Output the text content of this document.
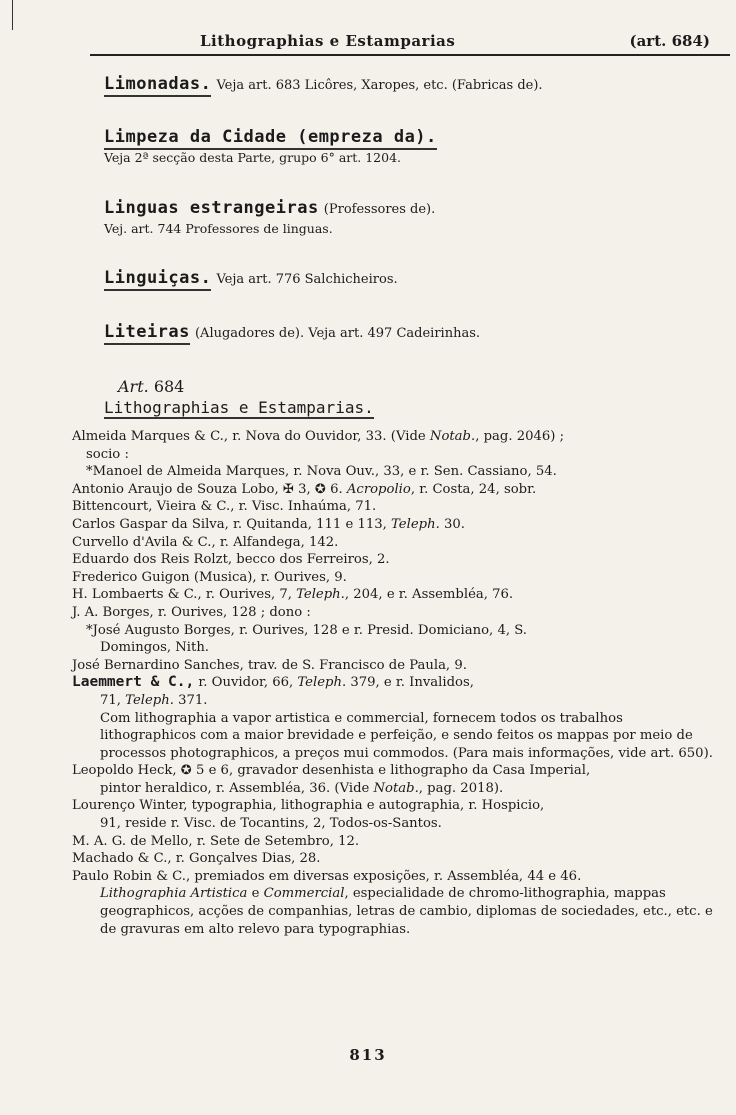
Lithographias e Estamparias	(art. 684)
Limonadas. Veja art. 683 Licôres, Xaropes, etc. (Fabricas de).
Limpeza da Cidade (empreza da).
Veja 2ª secção desta Parte, grupo 6° art. 1204.
Linguas estrangeiras (Professores de).
Vej. art. 744 Professores de linguas.
Linguiças. Veja art. 776 Salchicheiros.
Liteiras (Alugadores de). Veja art. 497 Cadeirinhas.
Art. 684
Lithographias e Estamparias.
Almeida Marques & C., r. Nova do Ouvidor, 33. (Vide Notab., pag. 2046) ;
socio :
*Manoel de Almeida Marques, r. Nova Ouv., 33, e r. Sen. Cassiano, 54.
Antonio Araujo de Souza Lobo, ✠ 3, ✪ 6. Acropolio, r. Costa, 24, sobr.
Bittencourt, Vieira & C., r. Visc. Inhaúma, 71.
Carlos Gaspar da Silva, r. Quitanda, 111 e 113, Teleph. 30.
Curvello d'Avila & C., r. Alfandega, 142.
Eduardo dos Reis Rolzt, becco dos Ferreiros, 2.
Frederico Guigon (Musica), r. Ourives, 9.
H. Lombaerts & C., r. Ourives, 7, Teleph., 204, e r. Assembléa, 76.
J. A. Borges, r. Ourives, 128 ; dono :
*José Augusto Borges, r. Ourives, 128 e r. Presid. Domiciano, 4, S.
Domingos, Nith.
José Bernardino Sanches, trav. de S. Francisco de Paula, 9.
Laemmert & C., r. Ouvidor, 66, Teleph. 379, e r. Invalidos,
71, Teleph. 371.
Com lithographia a vapor artistica e commercial, fornecem todos os trabalhos lithographicos com a maior brevidade e perfeição, e sendo feitos os mappas por meio de processos photographicos, a preços mui commodos. (Para mais informações, vide art. 650).
Leopoldo Heck, ✪ 5 e 6, gravador desenhista e lithographo da Casa Imperial,
pintor heraldico, r. Assembléa, 36. (Vide Notab., pag. 2018).
Lourenço Winter, typographia, lithographia e autographia, r. Hospicio,
91, reside r. Visc. de Tocantins, 2, Todos-os-Santos.
M. A. G. de Mello, r. Sete de Setembro, 12.
Machado & C., r. Gonçalves Dias, 28.
Paulo Robin & C., premiados em diversas exposições, r. Assembléa, 44 e 46.
Lithographia Artistica e Commercial, especialidade de chromo-lithographia, mappas geographicos, acções de companhias, letras de cambio, diplomas de sociedades, etc., etc. e de gravuras em alto relevo para typographias.
813
